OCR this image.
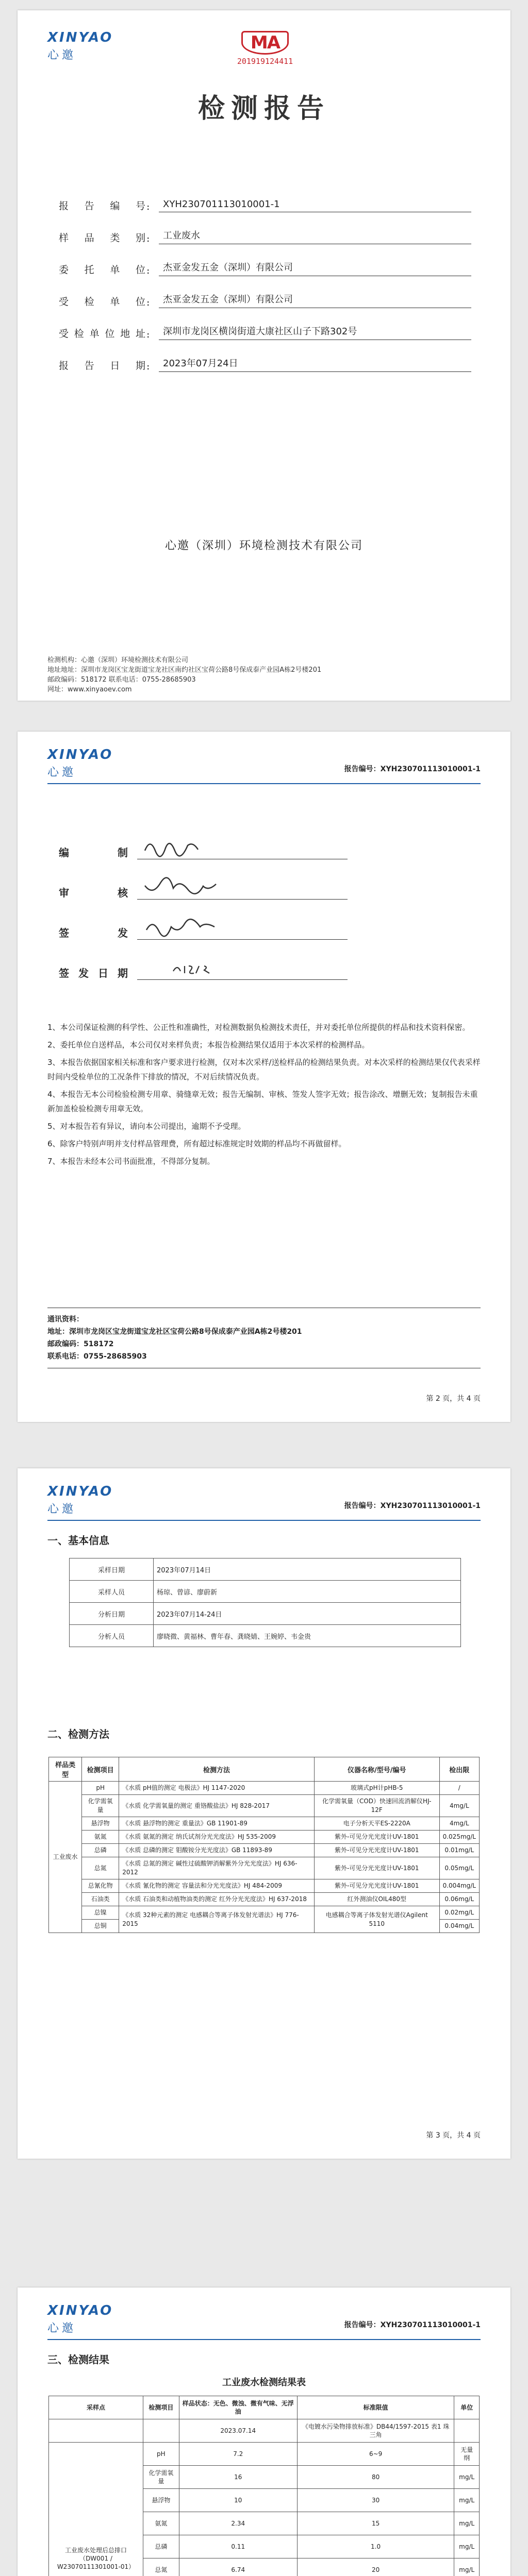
XINYAO
心邀
MA
201919124411
检测报告
报告编号 :	XYH230701113010001-1
样品类别 :	工业废水
委托单位 :	杰亚金发五金（深圳）有限公司
受检单位 :	杰亚金发五金（深圳）有限公司
受检单位地址 :	深圳市龙岗区横岗街道大康社区山子下路302号
报告日期 :	2023年07月24日
心邀（深圳）环境检测技术有限公司
检测机构：心邀（深圳）环境检测技术有限公司
地址地址：深圳市龙岗区宝龙街道宝龙社区南约社区宝荷公路8号保成泰产业园A栋2号楼201
邮政编码：518172 联系电话：0755-28685903
网址：www.xinyaoev.com
XINYAO
心邀	报告编号：XYH230701113010001-1
编制
审核
签发
签发日期

1、本公司保证检测的科学性、公正性和准确性，对检测数据负检测技术责任，并对委托单位所提供的样品和技术资料保密。

2、委托单位自送样品，本公司仅对来样负责；本报告检测结果仅适用于本次采样的检测样品。

3、本报告依据国家相关标准和客户要求进行检测，仅对本次采样/送检样品的检测结果负责。对本次采样的检测结果仅代表采样时间内受检单位的工况条件下排放的情况，不对后续情况负责。

4、本报告无本公司检验检测专用章、骑缝章无效；报告无编制、审核、签发人签字无效；报告涂改、增删无效；复制报告未重新加盖检验检测专用章无效。

5、对本报告若有异议，请向本公司提出，逾期不予受理。

6、除客户特别声明并支付样品管理费，所有超过标准规定时效期的样品均不再做留样。

7、本报告未经本公司书面批准，不得部分复制。

通讯资料：
地址：深圳市龙岗区宝龙街道宝龙社区宝荷公路8号保成泰产业园A栋2号楼201
邮政编码：518172
联系电话：0755-28685903
第 2 页，共 4 页
XINYAO
心邀	报告编号：XYH230701113010001-1
一、基本信息
采样日期	2023年07月14日
采样人员	杨琼、曾谚、廖蔚新
分析日期	2023年07月14-24日
分析人员	廖晓微、黄福林、曹年春、龚晓婧、王婉婷、韦金贵
二、检测方法
样品类型	检测项目	检测方法	仪器名称/型号/编号	检出限
工业废水	pH	《水质 pH值的测定 电极法》HJ 1147-2020	玻璃式pH计pHB-5	/
	化学需氧量	《水质 化学需氧量的测定 重铬酸盐法》HJ 828-2017	化学需氧量（COD）快速回流消解仪HJ-12F	4mg/L
	悬浮物	《水质 悬浮物的测定 重量法》GB 11901-89	电子分析天平ES-2220A	4mg/L
	氨氮	《水质 氨氮的测定 纳氏试剂分光光度法》HJ 535-2009	紫外-可见分光光度计UV-1801	0.025mg/L
	总磷	《水质 总磷的测定 钼酸铵分光光度法》GB 11893-89	紫外-可见分光光度计UV-1801	0.01mg/L
	总氮	《水质 总氮的测定 碱性过硫酸钾消解紫外分光光度法》HJ 636-2012	紫外-可见分光光度计UV-1801	0.05mg/L
	总氰化物	《水质 氰化物的测定 容量法和分光光度法》HJ 484-2009	紫外-可见分光光度计UV-1801	0.004mg/L
	石油类	《水质 石油类和动植物油类的测定 红外分光光度法》HJ 637-2018	红外测油仪OIL480型	0.06mg/L
	总镍	《水质 32种元素的测定 电感耦合等离子体发射光谱法》HJ 776-2015	电感耦合等离子体发射光谱仪Agilent 5110	0.02mg/L
	总铜			0.04mg/L
第 3 页，共 4 页
XINYAO
心邀	报告编号：XYH230701113010001-1
三、检测结果
工业废水检测结果表
采样点	检测项目	样品状态：无色、微浊、微有气味、无浮油	标准限值	单位
		2023.07.14	《电镀水污染物排放标准》DB44/1597-2015 表1 珠三角	
工业废水处理后总排口（DW001 / W23070111301001-01）	pH	7.2	6~9	无量纲
	化学需氧量	16	80	mg/L
	悬浮物	10	30	mg/L
	氨氮	2.34	15	mg/L
	总磷	0.11	1.0	mg/L
	总氮	6.74	20	mg/L
